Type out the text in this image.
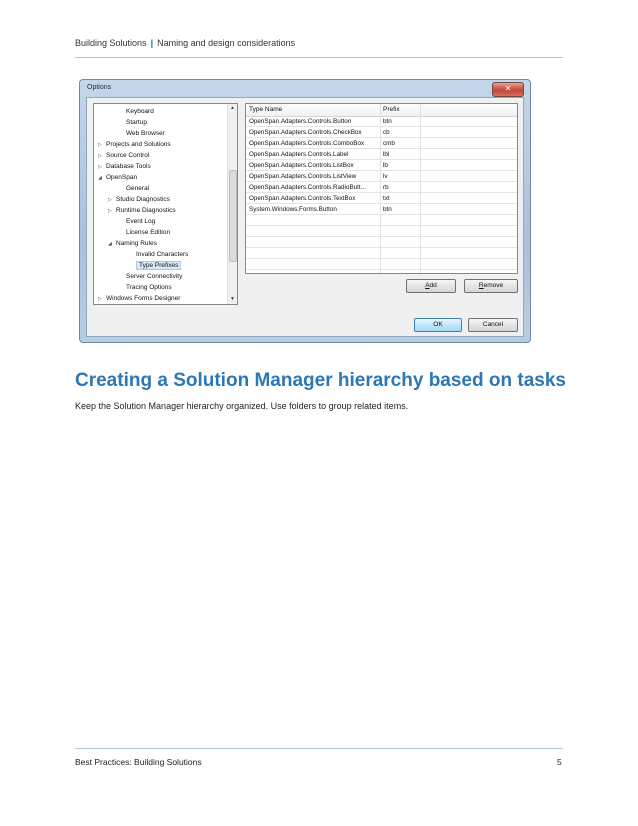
Building Solutions | Naming and design considerations
Options	✕
▲
▼
Keyboard
Startup
Web Browser
▷ Projects and Solutions
▷ Source Control
▷ Database Tools
◢ OpenSpan
General
▷ Studio Diagnostics
▷ Runtime Diagnostics
Event Log
License Edition
◢ Naming Rules
Invalid Characters
Type Prefixes
Server Connectivity
Tracing Options
▷ Windows Forms Designer
Type Name	Prefix
OpenSpan.Adapters.Controls.Button	btn
OpenSpan.Adapters.Controls.CheckBox	cb
OpenSpan.Adapters.Controls.ComboBox	cmb
OpenSpan.Adapters.Controls.Label	lbl
OpenSpan.Adapters.Controls.ListBox	lb
OpenSpan.Adapters.Controls.ListView	lv
OpenSpan.Adapters.Controls.RadioButt...	rb
OpenSpan.Adapters.Controls.TextBox	txt
System.Windows.Forms.Button	btn
Add	Remove
OK	Cancel
Creating a Solution Manager hierarchy based on tasks
Keep the Solution Manager hierarchy organized. Use folders to group related items.
Best Practices: Building Solutions	5
